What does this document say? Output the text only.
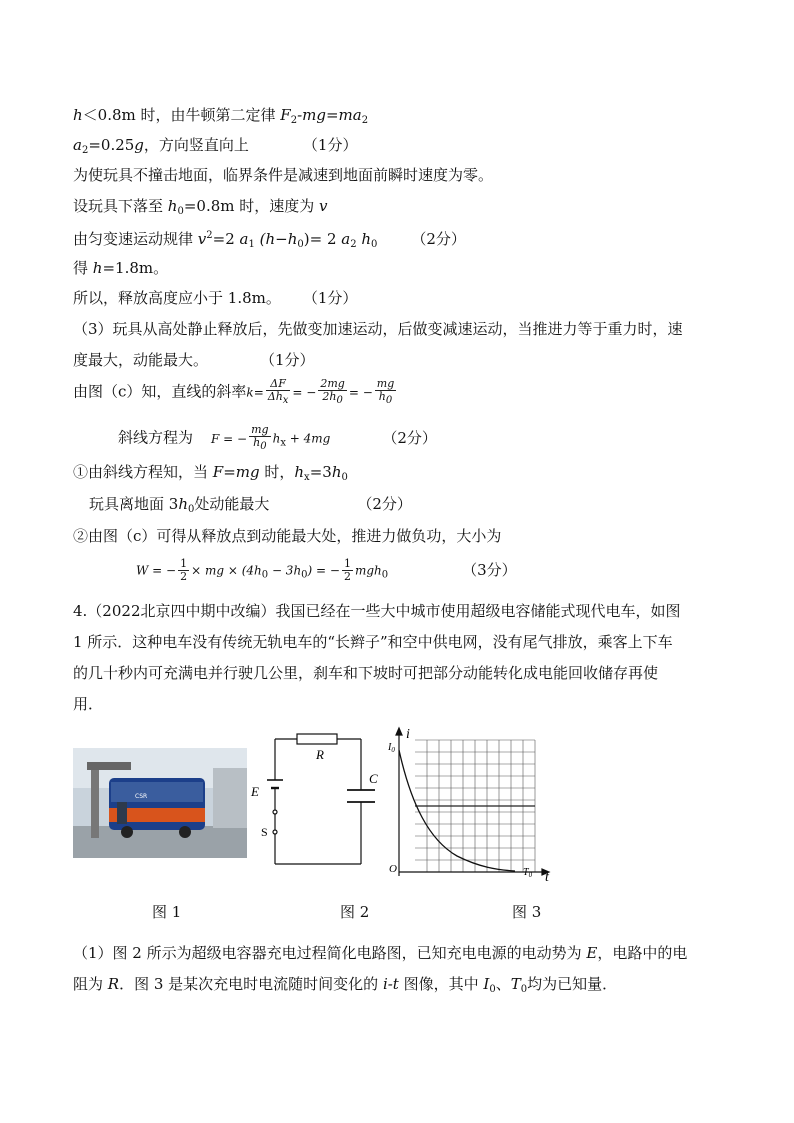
h＜0.8m 时，由牛顿第二定律 $F_2-mg=ma_2$
$a_2=0.25g$，方向竖直向上	（1分）
为使玩具不撞击地面，临界条件是减速到地面前瞬时速度为零。
设玩具下落至 $h_0=0.8m$ 时，速度为 v
由匀变速运动规律 $v^2=2$ $a_1$ $(h-h_0)= 2$ $a_2$ $h_0$ （2分）
得 h=1.8m。
所以，释放高度应小于 1.8m。 （1分）
（3）玩具从高处静止释放后，先做变加速运动，后做变减速运动，当推进力等于重力时，速
度最大，动能最大。	（1分）
由图（c）知，直线的斜率$k= \frac{\Delta F}{\text{Δhx}}$ = − $\frac{2mg}{2h0}$ = − $\frac{mg}{h0}$
斜线方程为 F = − $\frac{mg}{h0} h_x + 4mg$	（2分）
①由斜线方程知，当 F=mg 时，$h_x=3h_0$
玩具离地面 $3h_0$处动能最大	（2分）
②由图（c）可得从释放点到动能最大处，推进力做负功，大小为
W = − $\frac{1}{2}$ × mg × $(4h_0 - 3h_0)$ = − $\frac{1}{2} mgh_0$	（3分）
4.（2022北京四中期中改编）我国已经在一些大中城市使用超级电容储能式现代电车，如图
1 所示．这种电车没有传统无轨电车的“长辫子”和空中供电网，没有尾气排放，乘客上下车
的几十秒内可充满电并行驶几公里，刹车和下坡时可把部分动能转化成电能回收储存再使
用．
CSR
R
C
E
S
i
$I_0$
O	$T_0$ t
图 1	图 2	图 3
（1）图 2 所示为超级电容器充电过程简化电路图，已知充电电源的电动势为 E，电路中的电
阻为 R．图 3 是某次充电时电流随时间变化的 i-t 图像，其中 $I_0$、$T_0$均为已知量．
